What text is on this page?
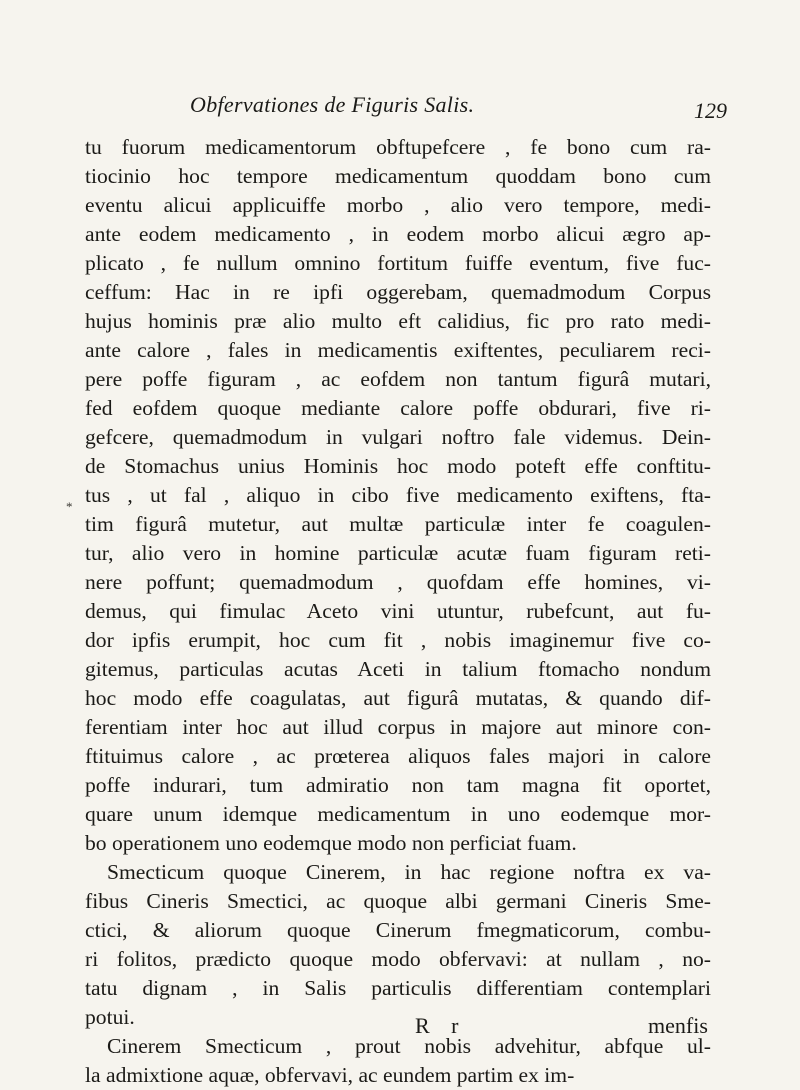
Obfervationes de Figuris Salis.	129
*
tu fuorum medicamentorum obftupefcere , fe bono cum ra-
tiocinio hoc tempore medicamentum quoddam bono cum
eventu alicui applicuiffe morbo , alio vero tempore, medi-
ante eodem medicamento , in eodem morbo alicui ægro ap-
plicato , fe nullum omnino fortitum fuiffe eventum, five fuc-
ceffum: Hac in re ipfi oggerebam, quemadmodum Corpus
hujus hominis præ alio multo eft calidius, fic pro rato medi-
ante calore , fales in medicamentis exiftentes, peculiarem reci-
pere poffe figuram , ac eofdem non tantum figurâ mutari,
fed eofdem quoque mediante calore poffe obdurari, five ri-
gefcere, quemadmodum in vulgari noftro fale videmus. Dein-
de Stomachus unius Hominis hoc modo poteft effe conftitu-
tus , ut fal , aliquo in cibo five medicamento exiftens, fta-
tim figurâ mutetur, aut multæ particulæ inter fe coagulen-
tur, alio vero in homine particulæ acutæ fuam figuram reti-
nere poffunt; quemadmodum , quofdam effe homines, vi-
demus, qui fimulac Aceto vini utuntur, rubefcunt, aut fu-
dor ipfis erumpit, hoc cum fit , nobis imaginemur five co-
gitemus, particulas acutas Aceti in talium ftomacho nondum
hoc modo effe coagulatas, aut figurâ mutatas, & quando dif-
ferentiam inter hoc aut illud corpus in majore aut minore con-
ftituimus calore , ac prœterea aliquos fales majori in calore
poffe indurari, tum admiratio non tam magna fit oportet,
quare unum idemque medicamentum in uno eodemque mor-
bo operationem uno eodemque modo non perficiat fuam.
Smecticum quoque Cinerem, in hac regione noftra ex va-
fibus Cineris Smectici, ac quoque albi germani Cineris Sme-
ctici, & aliorum quoque Cinerum fmegmaticorum, combu-
ri folitos, prædicto quoque modo obfervavi: at nullam , no-
tatu dignam , in Salis particulis differentiam contemplari
potui.
Cinerem Smecticum , prout nobis advehitur, abfque ul-
la admixtione aquæ, obfervavi, ac eundem partim ex im-
R r	menfis
